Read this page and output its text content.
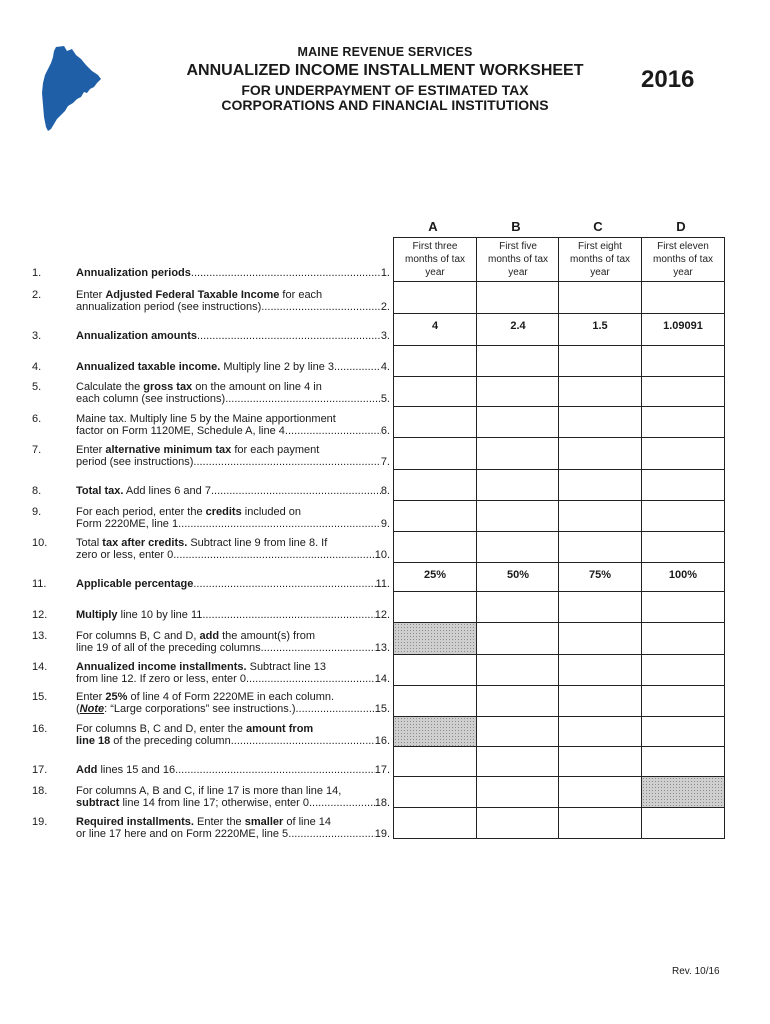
MAINE REVENUE SERVICES
ANNUALIZED INCOME INSTALLMENT WORKSHEET
FOR UNDERPAYMENT OF ESTIMATED TAX
CORPORATIONS AND FINANCIAL INSTITUTIONS
2016
A	B	C	D
1.	Annualization periods .....	1.
First three
months of tax
year
First five
months of tax
year
First eight
months of tax
year
First eleven
months of tax
year
2.	Enter Adjusted Federal Taxable Income for each
annualization period (see instructions) .....	2.
3.	Annualization amounts .....	3.
4	2.4	1.5	1.09091
4.	Annualized taxable income. Multiply line 2 by line 3 .....	4.
5.	Calculate the gross tax on the amount on line 4 in
each column (see instructions) .....	5.
6.	Maine tax. Multiply line 5 by the Maine apportionment
factor on Form 1120ME, Schedule A, line 4 .....	6.
7.	Enter alternative minimum tax for each payment
period (see instructions) .....	7.
8.	Total tax. Add lines 6 and 7 .....	8.
9.	For each period, enter the credits included on
Form 2220ME, line 1 .....	9.
10.	Total tax after credits. Subtract line 9 from line 8. If
zero or less, enter 0 .....	10.
11.	Applicable percentage .....	11.
25%	50%	75%	100%
12.	Multiply line 10 by line 11 .....	12.
13.	For columns B, C and D, add the amount(s) from
line 19 of all of the preceding columns .....	13.
14.	Annualized income installments. Subtract line 13
from line 12. If zero or less, enter 0 .....	14.
15.	Enter 25% of line 4 of Form 2220ME in each column.
(Note: “Large corporations” see instructions.) .....	15.
16.	For columns B, C and D, enter the amount from
line 18 of the preceding column .....	16.
17.	Add lines 15 and 16 .....	17.
18.	For columns A, B and C, if line 17 is more than line 14,
subtract line 14 from line 17; otherwise, enter 0 .....	18.
19.	Required installments. Enter the smaller of line 14
or line 17 here and on Form 2220ME, line 5 .....	19.
Rev. 10/16
